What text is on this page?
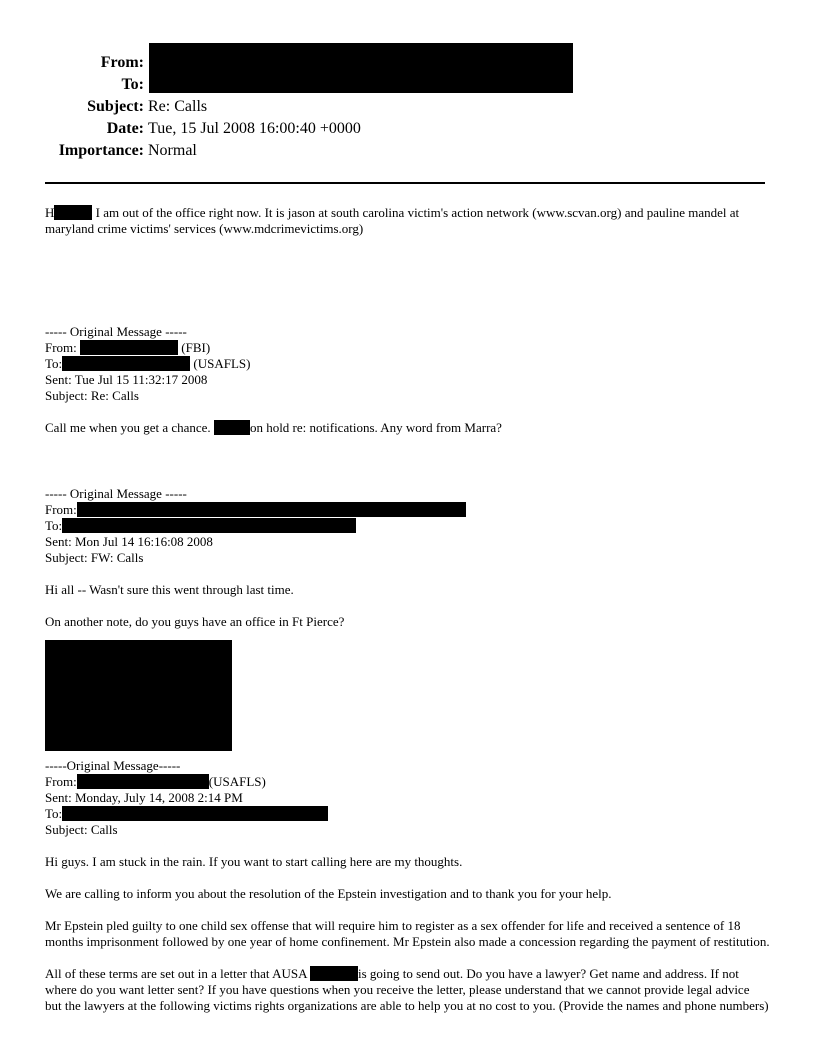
From:
To:
Subject: Re: Calls
Date: Tue, 15 Jul 2008 16:00:40 +0000
Importance: Normal
H	I am out of the office right now. It is jason at south carolina victim's action network (www.scvan.org) and pauline mandel at
maryland crime victims' services (www.mdcrimevictims.org)
----- Original Message -----
From:	(FBI)
To:	(USAFLS)
Sent: Tue Jul 15 11:32:17 2008
Subject: Re: Calls
Call me when you get a chance.	on hold re: notifications. Any word from Marra?
----- Original Message -----
From:
To:
Sent: Mon Jul 14 16:16:08 2008
Subject: FW: Calls
Hi all -- Wasn't sure this went through last time.
On another note, do you guys have an office in Ft Pierce?
-----Original Message-----
From:	(USAFLS)
Sent: Monday, July 14, 2008 2:14 PM
To:
Subject: Calls
Hi guys. I am stuck in the rain. If you want to start calling here are my thoughts.
We are calling to inform you about the resolution of the Epstein investigation and to thank you for your help.
Mr Epstein pled guilty to one child sex offense that will require him to register as a sex offender for life and received a sentence of 18
months imprisonment followed by one year of home confinement. Mr Epstein also made a concession regarding the payment of restitution.
All of these terms are set out in a letter that AUSA	is going to send out. Do you have a lawyer? Get name and address. If not
where do you want letter sent? If you have questions when you receive the letter, please understand that we cannot provide legal advice
but the lawyers at the following victims rights organizations are able to help you at no cost to you. (Provide the names and phone numbers)
